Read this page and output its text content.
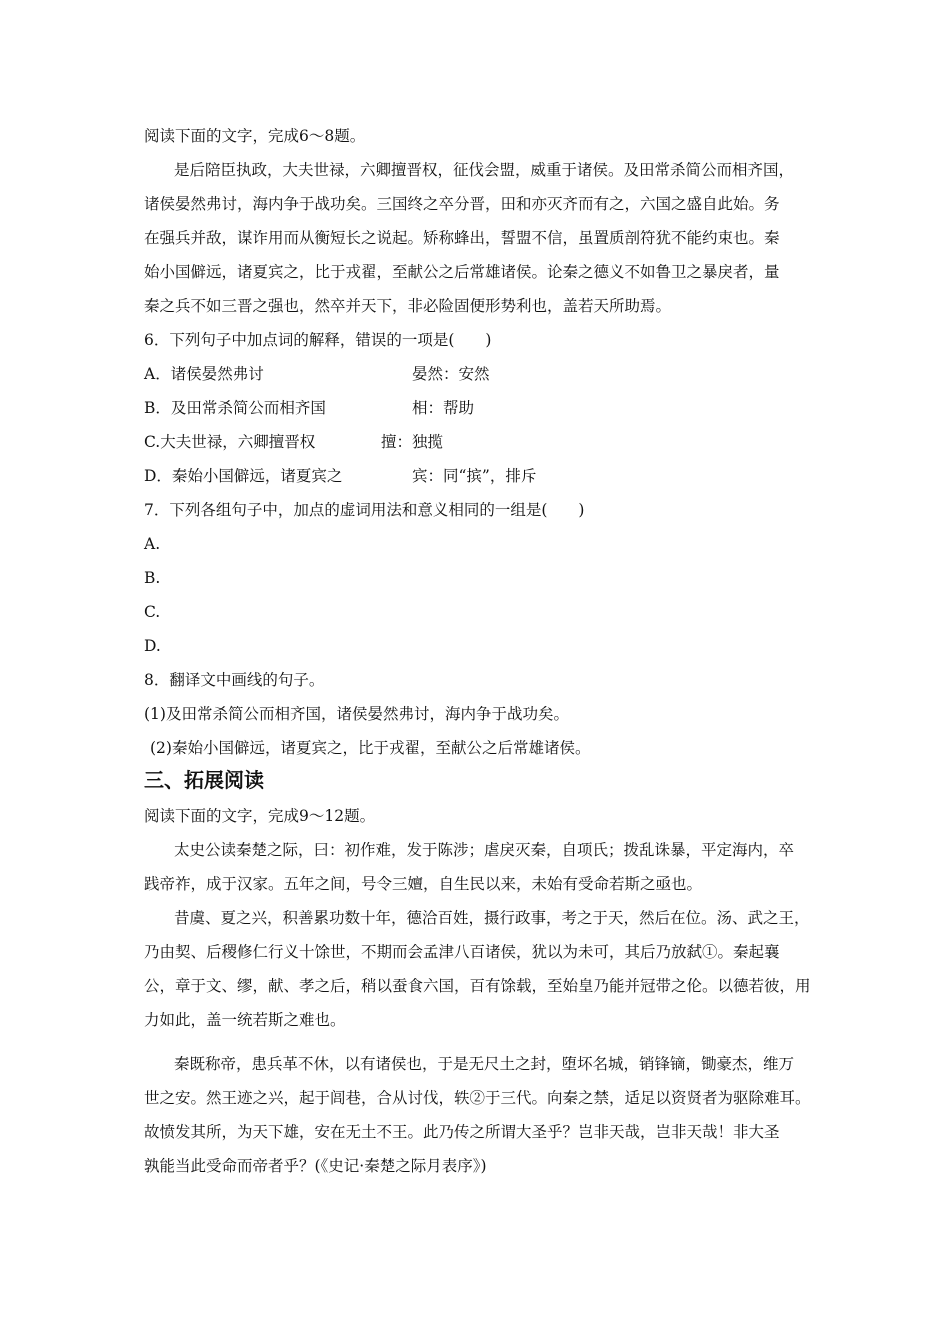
阅读下面的文字，完成6～8题。
是后陪臣执政，大夫世禄，六卿擅晋权，征伐会盟，威重于诸侯。及田常杀简公而相齐国，
诸侯晏然弗讨，海内争于战功矣。三国终之卒分晋，田和亦灭齐而有之，六国之盛自此始。务
在强兵并敌，谋诈用而从衡短长之说起。矫称蜂出，誓盟不信，虽置质剖符犹不能约束也。秦
始小国僻远，诸夏宾之，比于戎翟，至献公之后常雄诸侯。论秦之德义不如鲁卫之暴戾者，量
秦之兵不如三晋之强也，然卒并天下，非必险固便形势利也，盖若天所助焉。
6．下列句子中加点词的解释，错误的一项是(　　)
A．诸侯晏然弗讨	晏然：安然
B．及田常杀简公而相齐国	相：帮助
C.大夫世禄，六卿擅晋权	擅：独揽
D．秦始小国僻远，诸夏宾之	宾：同“摈”，排斥
7．下列各组句子中，加点的虚词用法和意义相同的一组是(　　)
A.
B.
C.
D.
8．翻译文中画线的句子。
(1)及田常杀简公而相齐国，诸侯晏然弗讨，海内争于战功矣。
(2)秦始小国僻远，诸夏宾之，比于戎翟，至献公之后常雄诸侯。
三、拓展阅读
阅读下面的文字，完成9～12题。
太史公读秦楚之际，曰：初作难，发于陈涉；虐戾灭秦，自项氏；拨乱诛暴，平定海内，卒
践帝祚，成于汉家。五年之间，号令三嬗，自生民以来，未始有受命若斯之亟也。
昔虞、夏之兴，积善累功数十年，德洽百姓，摄行政事，考之于天，然后在位。汤、武之王，
乃由契、后稷修仁行义十馀世，不期而会孟津八百诸侯，犹以为未可，其后乃放弑①。秦起襄
公，章于文、缪，献、孝之后，稍以蚕食六国，百有馀载，至始皇乃能并冠带之伦。以德若彼，用
力如此，盖一统若斯之难也。
秦既称帝，患兵革不休，以有诸侯也，于是无尺土之封，堕坏名城，销锋镝，锄豪杰，维万
世之安。然王迹之兴，起于闾巷，合从讨伐，轶②于三代。向秦之禁，适足以资贤者为驱除难耳。
故愤发其所，为天下雄，安在无土不王。此乃传之所谓大圣乎？岂非天哉，岂非天哉！非大圣
孰能当此受命而帝者乎？(《史记·秦楚之际月表序》)
